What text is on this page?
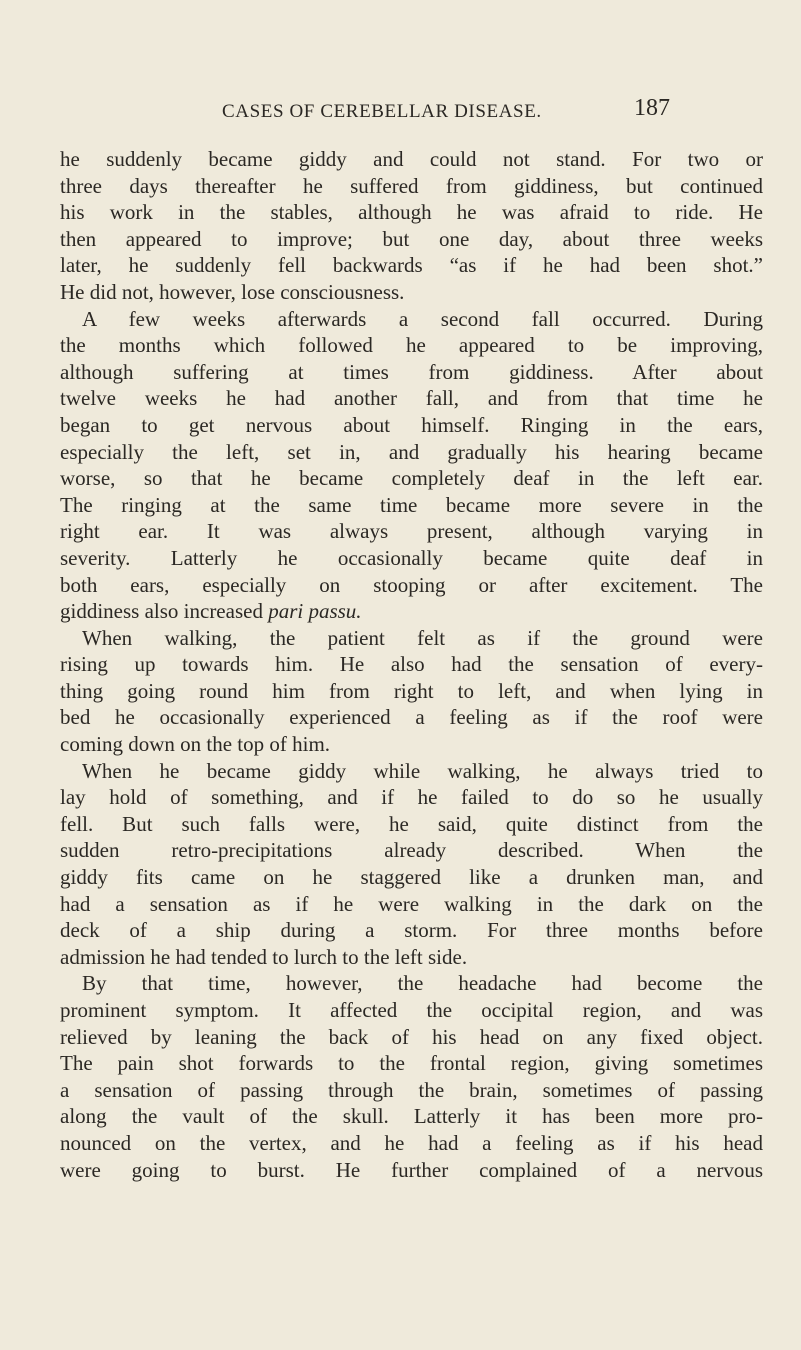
CASES OF CEREBELLAR DISEASE.	187
he suddenly became giddy and could not stand. For two or
three days thereafter he suffered from giddiness, but continued
his work in the stables, although he was afraid to ride. He
then appeared to improve; but one day, about three weeks
later, he suddenly fell backwards “as if he had been shot.”
He did not, however, lose consciousness.
A few weeks afterwards a second fall occurred. During
the months which followed he appeared to be improving,
although suffering at times from giddiness. After about
twelve weeks he had another fall, and from that time he
began to get nervous about himself. Ringing in the ears,
especially the left, set in, and gradually his hearing became
worse, so that he became completely deaf in the left ear.
The ringing at the same time became more severe in the
right ear. It was always present, although varying in
severity. Latterly he occasionally became quite deaf in
both ears, especially on stooping or after excitement. The
giddiness also increased pari passu.
When walking, the patient felt as if the ground were
rising up towards him. He also had the sensation of every-
thing going round him from right to left, and when lying in
bed he occasionally experienced a feeling as if the roof were
coming down on the top of him.
When he became giddy while walking, he always tried to
lay hold of something, and if he failed to do so he usually
fell. But such falls were, he said, quite distinct from the
sudden retro-precipitations already described. When the
giddy fits came on he staggered like a drunken man, and
had a sensation as if he were walking in the dark on the
deck of a ship during a storm. For three months before
admission he had tended to lurch to the left side.
By that time, however, the headache had become the
prominent symptom. It affected the occipital region, and was
relieved by leaning the back of his head on any fixed object.
The pain shot forwards to the frontal region, giving sometimes
a sensation of passing through the brain, sometimes of passing
along the vault of the skull. Latterly it has been more pro-
nounced on the vertex, and he had a feeling as if his head
were going to burst. He further complained of a nervous
